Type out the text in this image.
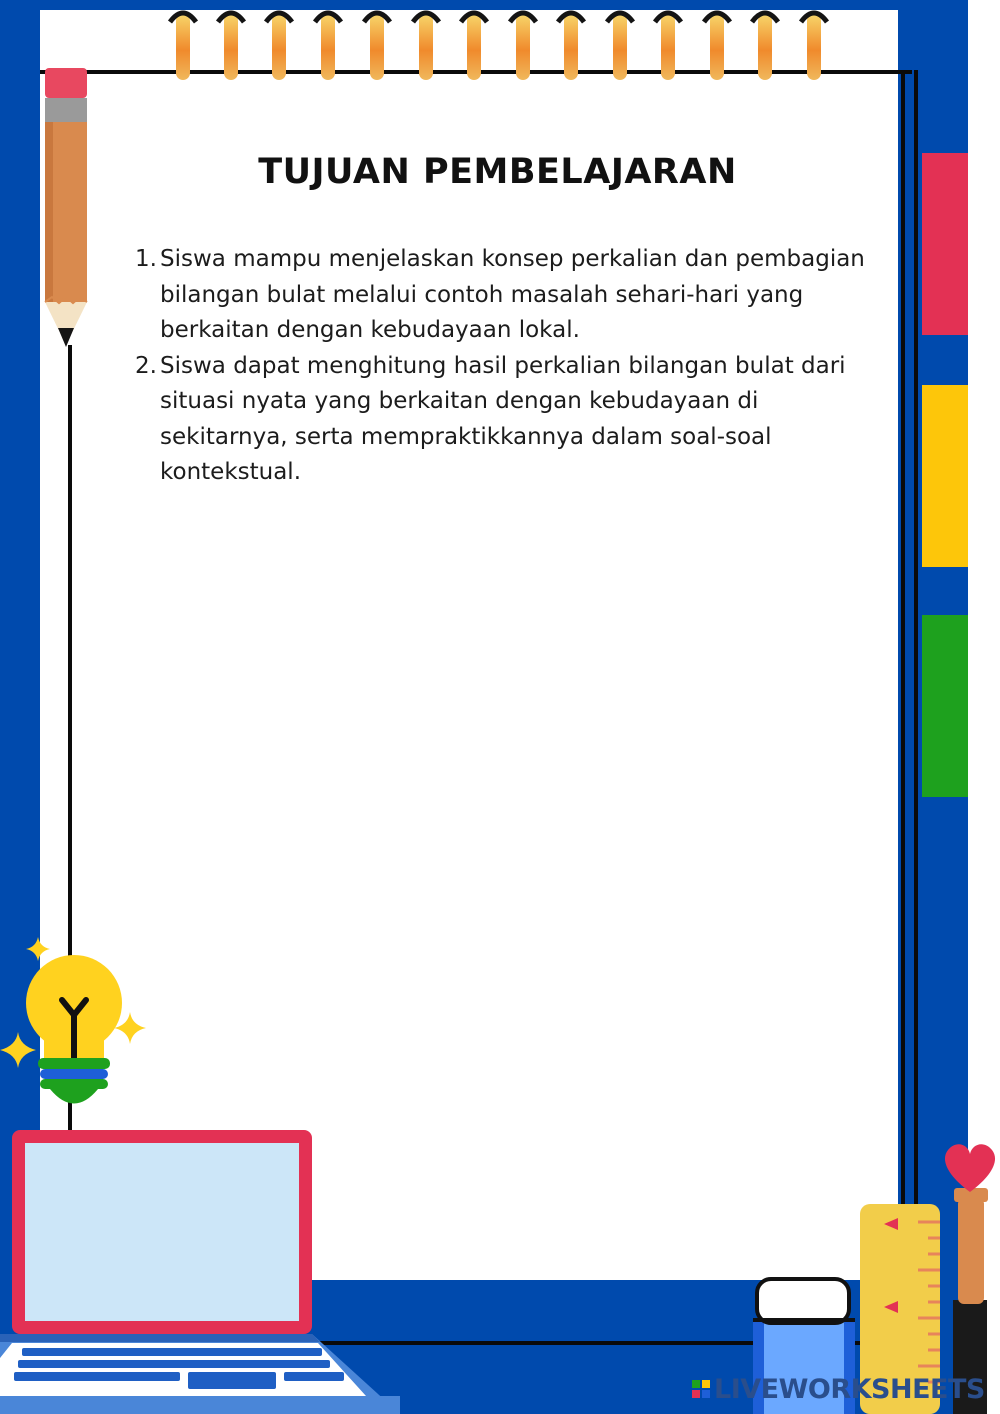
TUJUAN PEMBELAJARAN
1. Siswa mampu menjelaskan konsep perkalian dan pembagian bilangan bulat melalui contoh masalah sehari-hari yang berkaitan dengan kebudayaan lokal.
2. Siswa dapat menghitung hasil perkalian bilangan bulat dari situasi nyata yang berkaitan dengan kebudayaan di sekitarnya, serta mempraktikkannya dalam soal-soal kontekstual.
LIVEWORKSHEETS
